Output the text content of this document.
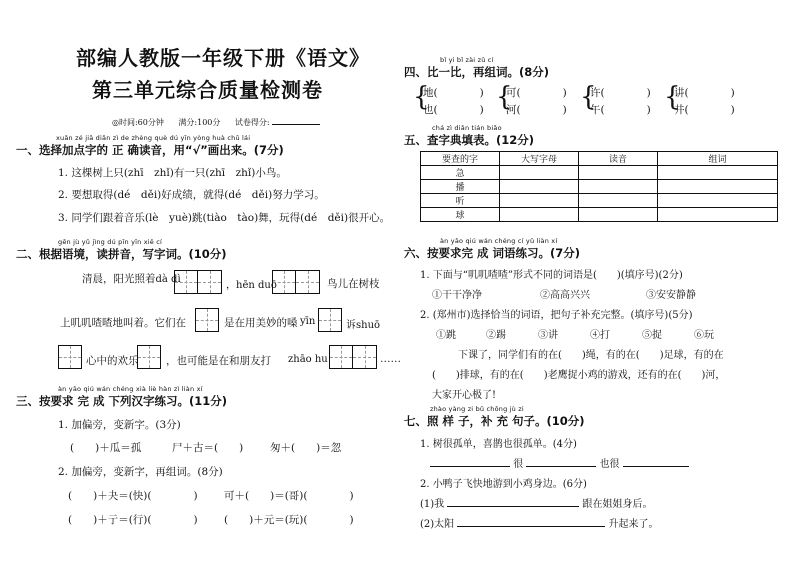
部编人教版一年级下册《语文》
第三单元综合质量检测卷
◎时间:60分钟 满分:100分 试卷得分:
xuǎn zé jiā diǎn zì de zhèng què dú yīn yòng huà chū lái
一、选择加点字的 正 确读音，用“√”画出来。(7分)
1. 这棵树上只(zhī　zhǐ)有一只(zhī　zhǐ)小鸟。
2. 要想取得(dé　děi)好成绩，就得(dé　děi)努力学习。
3. 同学们跟着音乐(lè　yuè)跳(tiào　tào)舞，玩得(dé　děi)很开心。
gēn jù yǔ jìng dú pīn yīn xiě cí
二、根据语境，读拼音，写字词。(10分)
清晨，阳光照着dà dì
，hēn duō	鸟儿在树枝
上叽叽喳喳地叫着。它们在	是在用美妙的嗓 yīn	诉shuō
心中的欢乐	，也可能是在和朋友打 zhāo hu	……
àn yāo qiú wán chéng xià liè hàn zì liàn xí
三、按要求 完 成 下列汉字练习。(11分)
1. 加偏旁，变新字。(3分)
(　　)＋瓜＝孤	尸＋古＝(　　)	匆＋(　　)＝忽
2. 加偏旁，变新字，再组词。(8分)
(　　)＋夬＝(快)(　　　　)	可＋(　　)＝(哥)(　　　　)
(　　)＋亍＝(行)(　　　　)	(　　)＋元＝(玩)(　　　　)
bǐ yi bǐ zài zǔ cí
四、比一比，再组词。(8分)
{
地(　　　　)
也(　　　　) {
可(　　　　)
河(　　　　) {
许(　　　　)
午(　　　　) {
讲(　　　　)
井(　　　　)
chá zì diǎn tián biǎo
五、查字典填表。(12分)
要查的字	大写字母	读音	组词
急			
播			
听			
球			
àn yāo qiú wán chéng cí yǔ liàn xí
六、按要求完 成 词语练习。(7分)
1. 下面与“叽叽喳喳”形式不同的词语是(　　)(填序号)(2分)
①干干净净	②高高兴兴	③安安静静
2. (郑州市)选择恰当的词语，把句子补充完整。(填序号)(5分)
①跳	②踢	③讲	④打	⑤捉	⑥玩
下课了，同学们有的在(　　)绳，有的在(　　)足球，有的在
(　　)排球，有的在(　　)老鹰捉小鸡的游戏，还有的在(　　)河，
大家开心极了!
zhào yàng zi bǔ chōng jù zi
七、照 样 子，补 充 句子。(10分)
1. 树很孤单，喜鹊也很孤单。(4分)
很	也很
2. 小鸭子飞快地游到小鸡身边。(6分)
(1)我	跟在姐姐身后。
(2)太阳	升起来了。
